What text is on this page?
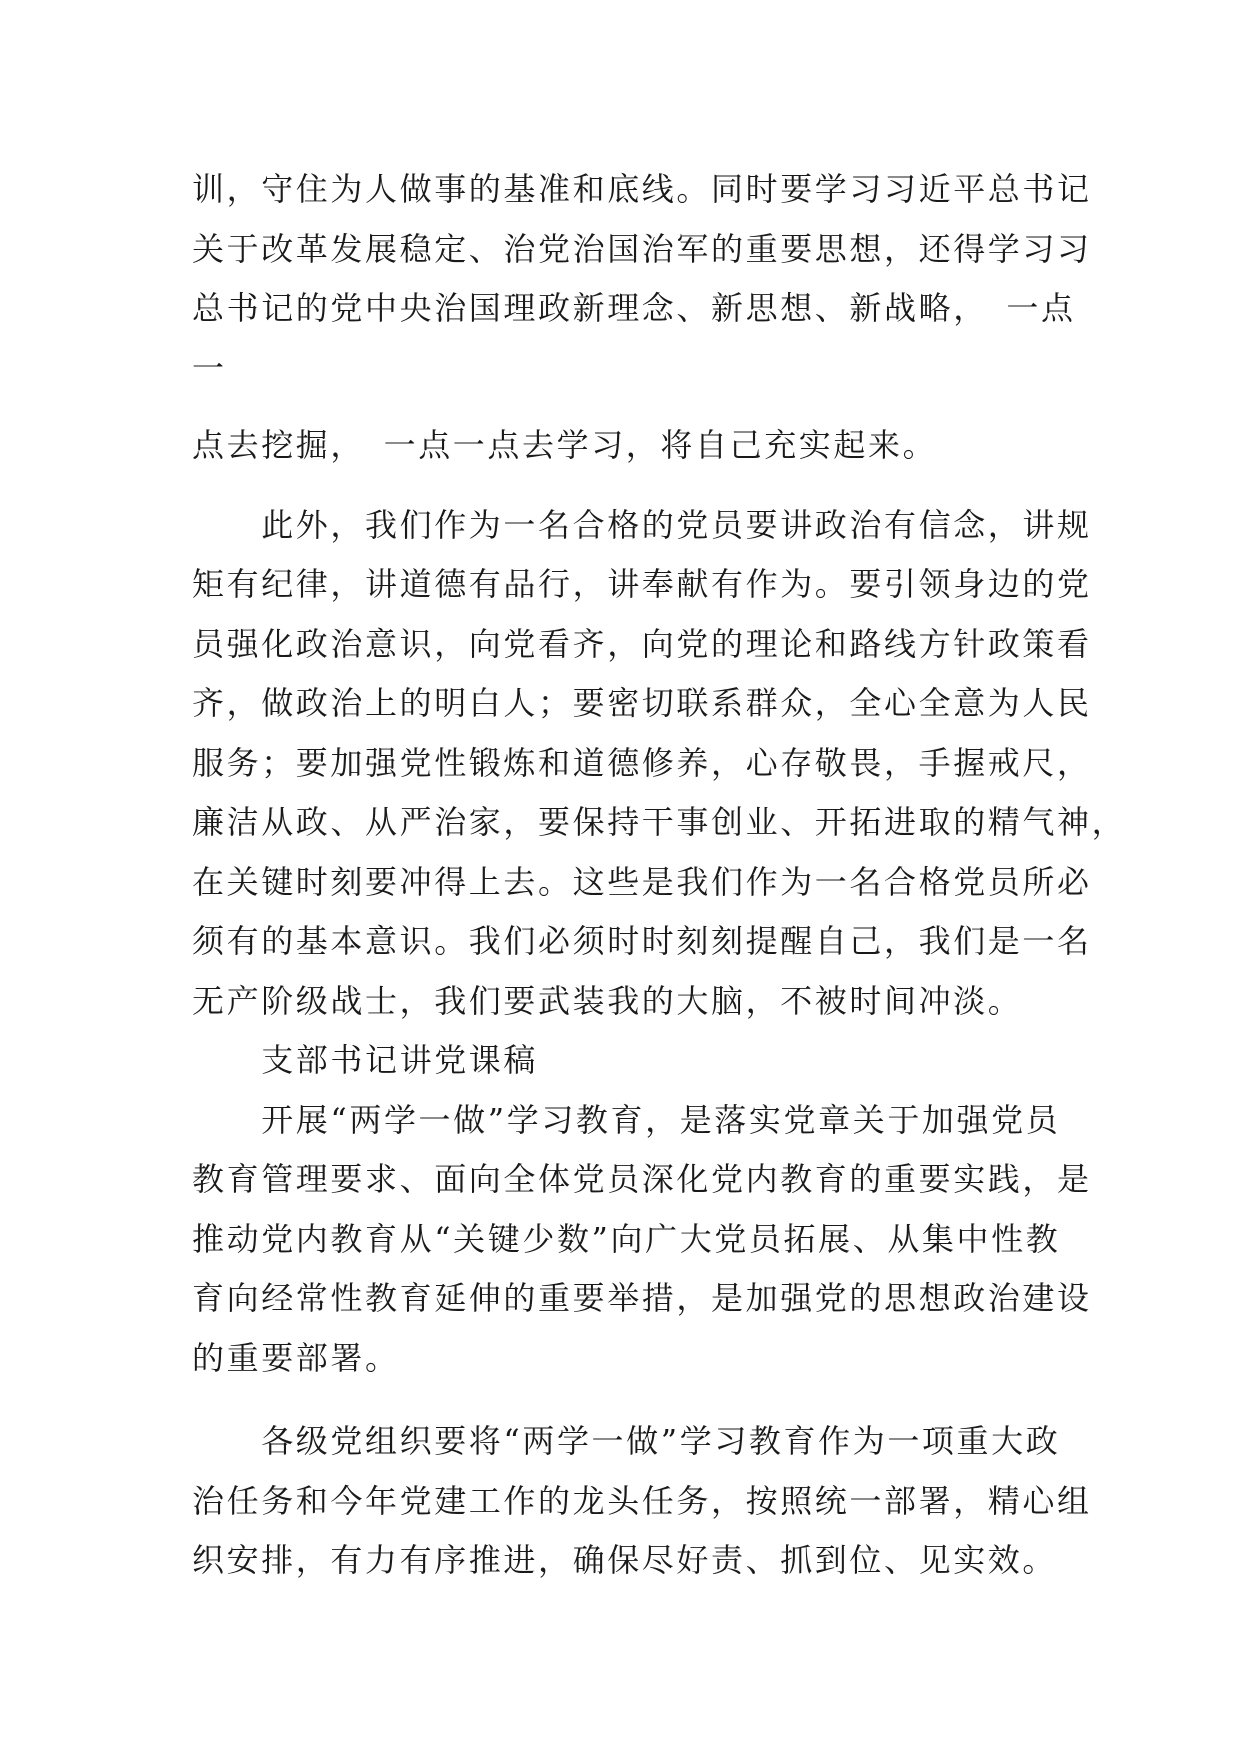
训，守住为人做事的基准和底线。同时要学习习近平总书记
关于改革发展稳定、治党治国治军的重要思想，还得学习习
总书记的党中央治国理政新理念、新思想、新战略，　一点
一
点去挖掘，　一点一点去学习，将自己充实起来。
　　此外，我们作为一名合格的党员要讲政治有信念，讲规
矩有纪律，讲道德有品行，讲奉献有作为。要引领身边的党
员强化政治意识，向党看齐，向党的理论和路线方针政策看
齐，做政治上的明白人；要密切联系群众，全心全意为人民
服务；要加强党性锻炼和道德修养，心存敬畏，手握戒尺，
廉洁从政、从严治家，要保持干事创业、开拓进取的精气神，
在关键时刻要冲得上去。这些是我们作为一名合格党员所必
须有的基本意识。我们必须时时刻刻提醒自己，我们是一名
无产阶级战士，我们要武装我的大脑，不被时间冲淡。
　　支部书记讲党课稿
　　开展“两学一做”学习教育，是落实党章关于加强党员
教育管理要求、面向全体党员深化党内教育的重要实践，是
推动党内教育从“关键少数”向广大党员拓展、从集中性教
育向经常性教育延伸的重要举措，是加强党的思想政治建设
的重要部署。
　　各级党组织要将“两学一做”学习教育作为一项重大政
治任务和今年党建工作的龙头任务，按照统一部署，精心组
织安排，有力有序推进，确保尽好责、抓到位、见实效。
